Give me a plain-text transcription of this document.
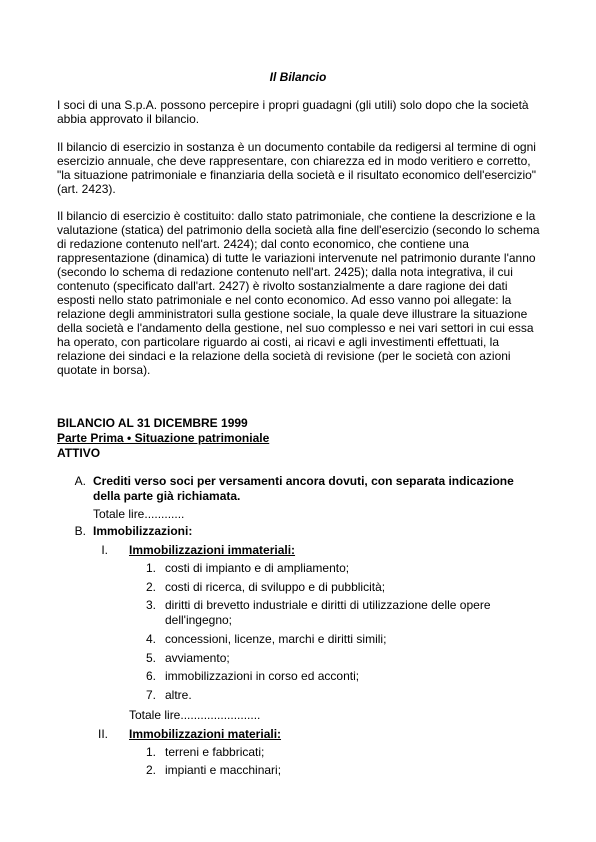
Il Bilancio

I soci di una S.p.A. possono percepire i propri guadagni (gli utili) solo dopo che la società abbia approvato il bilancio.

Il bilancio di esercizio in sostanza è un documento contabile da redigersi al termine di ogni esercizio annuale, che deve rappresentare, con chiarezza ed in modo veritiero e corretto, "la situazione patrimoniale e finanziaria della società e il risultato economico dell'esercizio" (art. 2423).

Il bilancio di esercizio è costituito: dallo stato patrimoniale, che contiene la descrizione e la valutazione (statica) del patrimonio della società alla fine dell'esercizio (secondo lo schema di redazione contenuto nell'art. 2424); dal conto economico, che contiene una rappresentazione (dinamica) di tutte le variazioni intervenute nel patrimonio durante l'anno (secondo lo schema di redazione contenuto nell'art. 2425); dalla nota integrativa, il cui contenuto (specificato dall'art. 2427) è rivolto sostanzialmente a dare ragione dei dati esposti nello stato patrimoniale e nel conto economico. Ad esso vanno poi allegate: la relazione degli amministratori sulla gestione sociale, la quale deve illustrare la situazione della società e l'andamento della gestione, nel suo complesso e nei vari settori in cui essa ha operato, con particolare riguardo ai costi, ai ricavi e agli investimenti effettuati, la relazione dei sindaci e la relazione della società di revisione (per le società con azioni quotate in borsa).

BILANCIO AL 31 DICEMBRE 1999
Parte Prima • Situazione patrimoniale
ATTIVO
A. Crediti verso soci per versamenti ancora dovuti, con separata indicazione
della parte già richiamata.
Totale lire............
B. Immobilizzazioni:
I. Immobilizzazioni immateriali:
1. costi di impianto e di ampliamento;
2. costi di ricerca, di sviluppo e di pubblicità;
3. diritti di brevetto industriale e diritti di utilizzazione delle opere
dell'ingegno;
4. concessioni, licenze, marchi e diritti simili;
5. avviamento;
6. immobilizzazioni in corso ed acconti;
7. altre.
Totale lire........................
II. Immobilizzazioni materiali:
1. terreni e fabbricati;
2. impianti e macchinari;
